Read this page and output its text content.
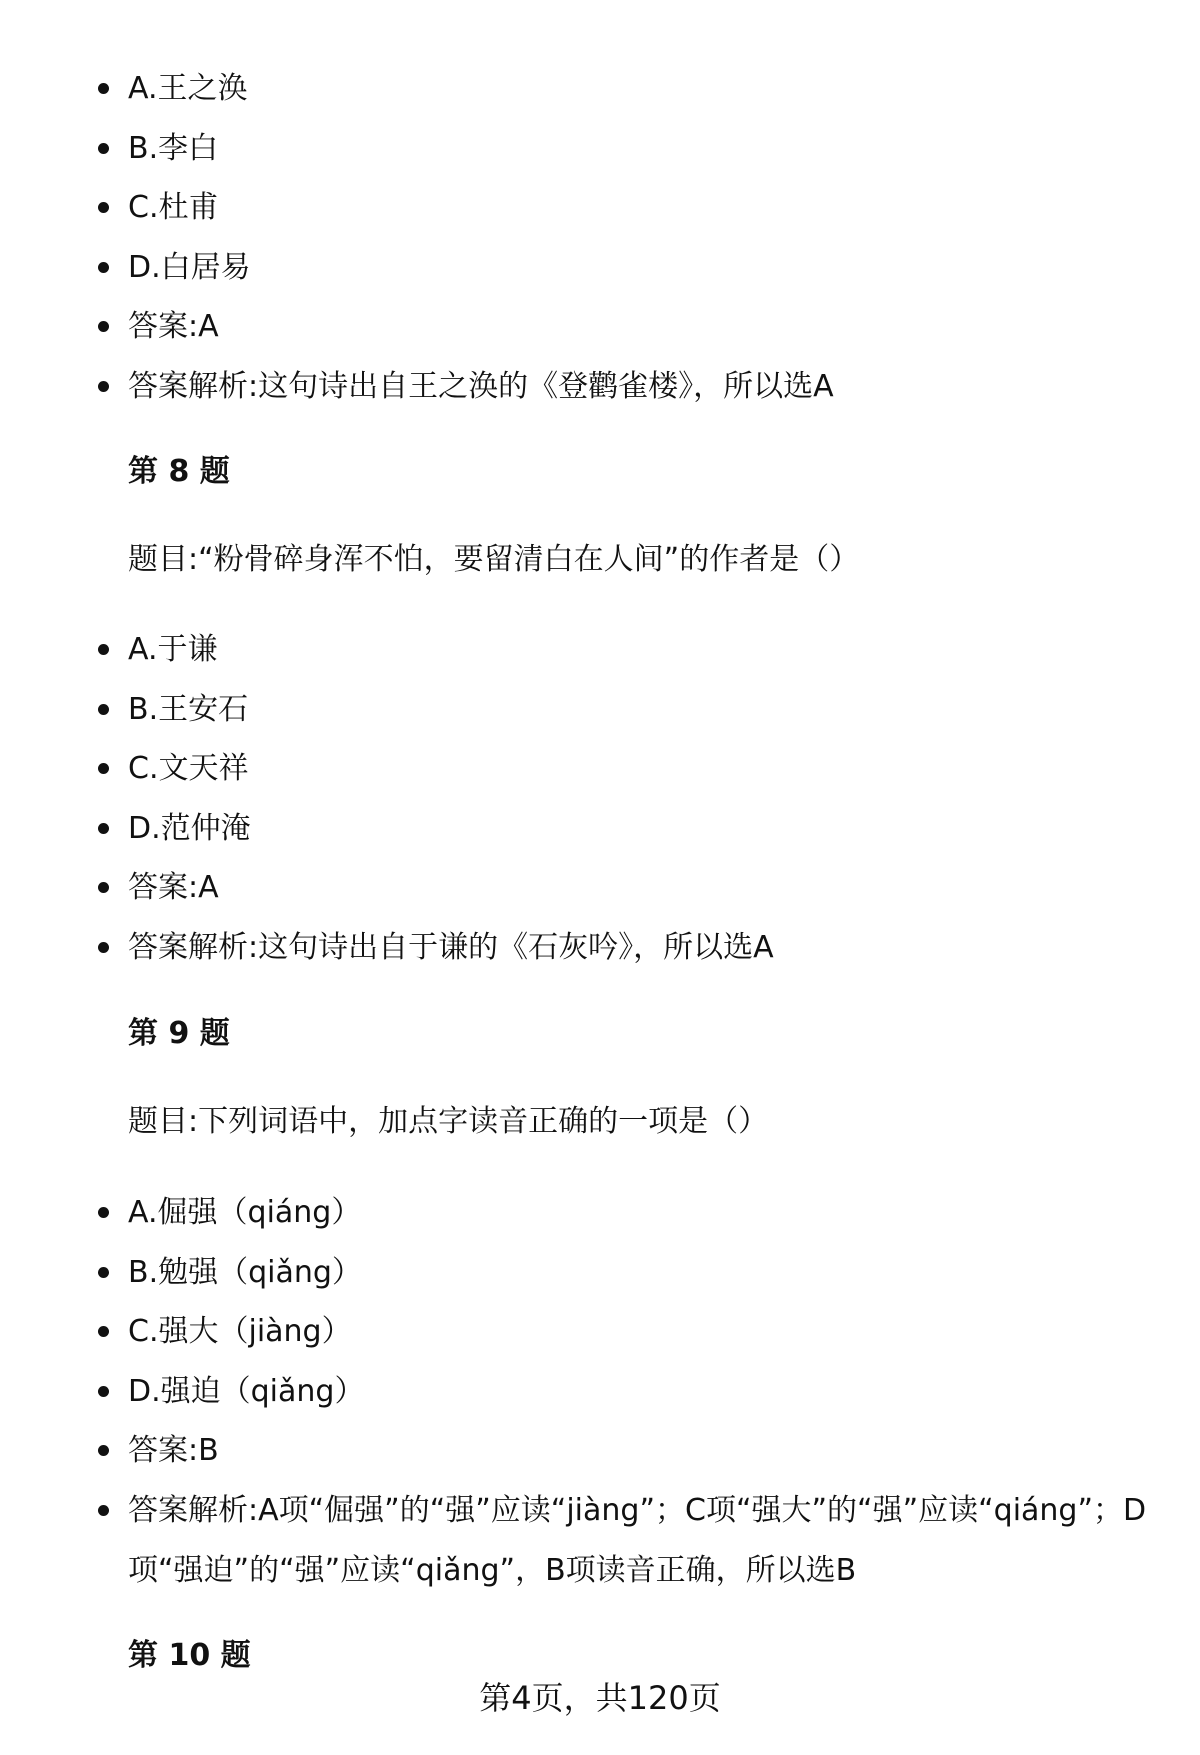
A.王之涣
B.李白
C.杜甫
D.白居易
答案:A
答案解析:这句诗出自王之涣的《登鹳雀楼》，所以选A
第 8 题
题目:“粉骨碎身浑不怕，要留清白在人间”的作者是（）
A.于谦
B.王安石
C.文天祥
D.范仲淹
答案:A
答案解析:这句诗出自于谦的《石灰吟》，所以选A
第 9 题
题目:下列词语中，加点字读音正确的一项是（）
A.倔强（qiáng）
B.勉强（qiǎng）
C.强大（jiàng）
D.强迫（qiǎng）
答案:B
答案解析:A项“倔强”的“强”应读“jiàng”；C项“强大”的“强”应读“qiáng”；D项“强迫”的“强”应读“qiǎng”，B项读音正确，所以选B
第 10 题
第4页，共120页
